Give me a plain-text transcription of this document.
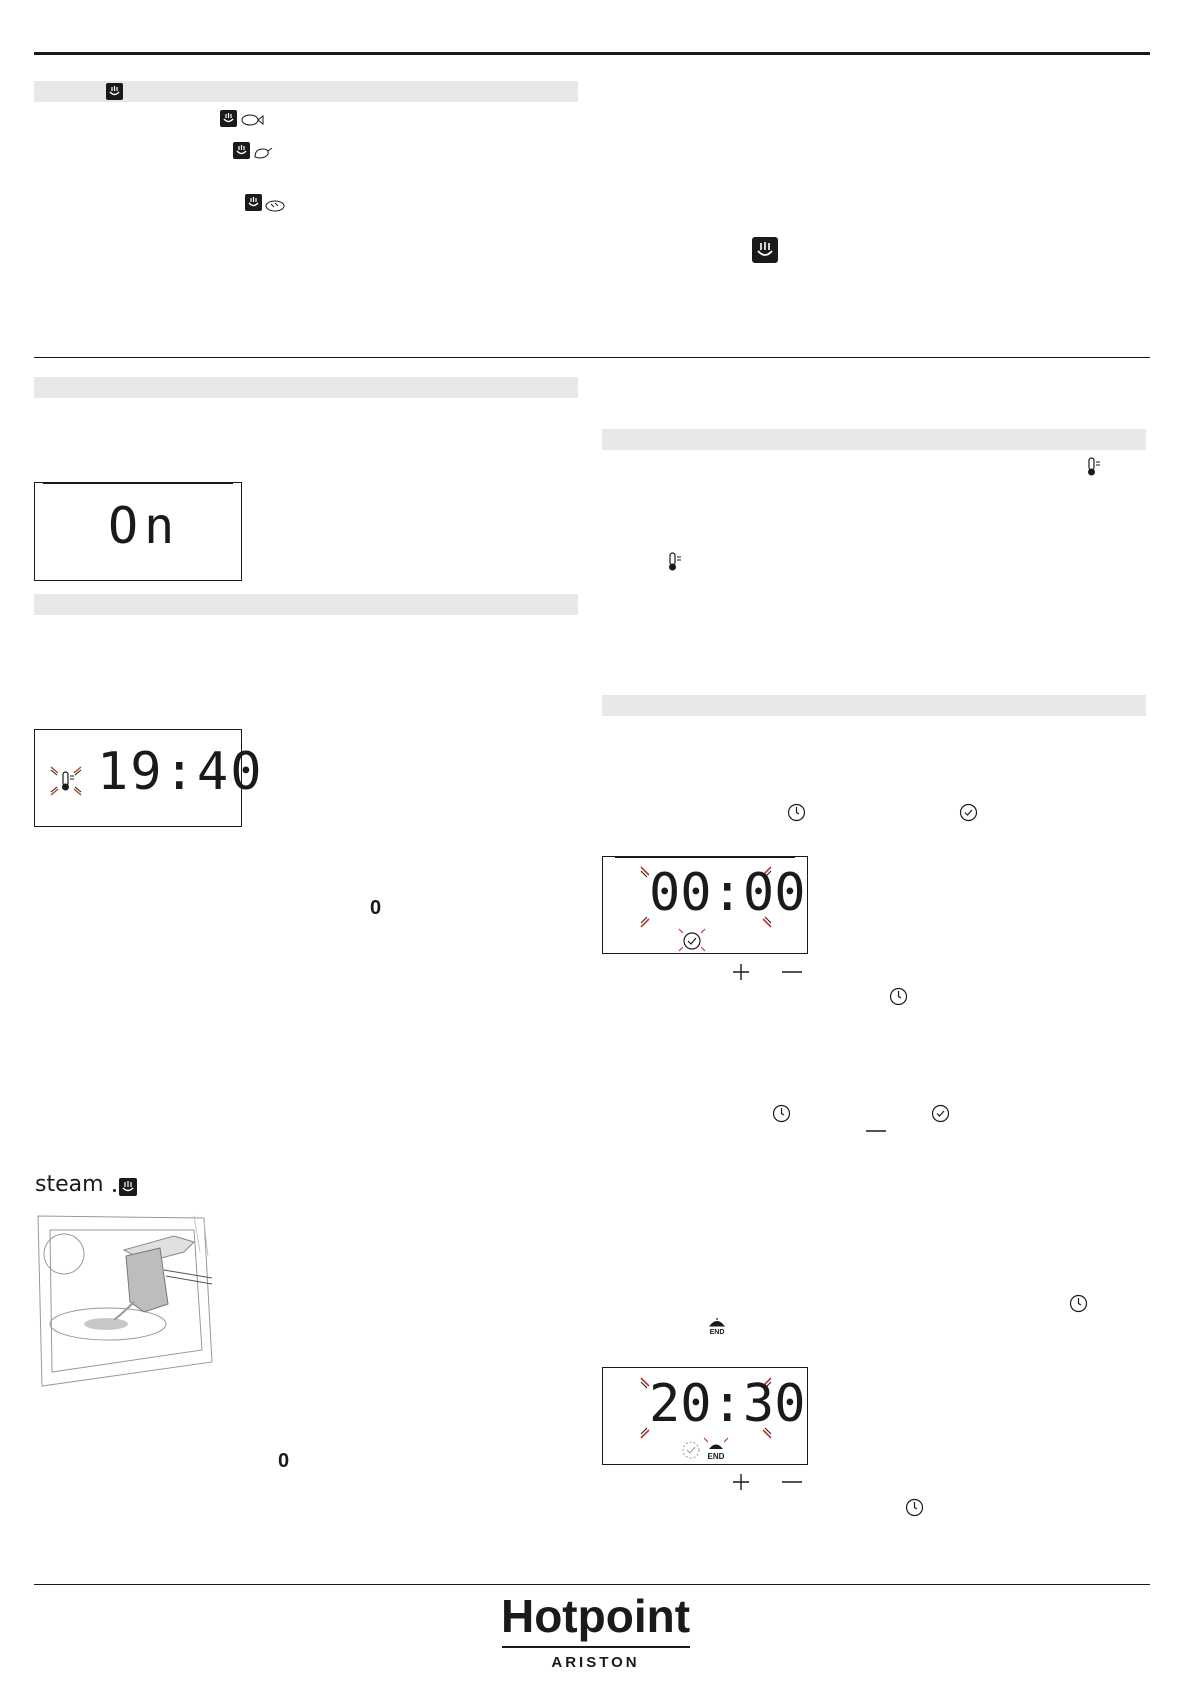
On
19:40
0
steam
0
00:00
END
20:30
END
Hotpoint
ARISTON
